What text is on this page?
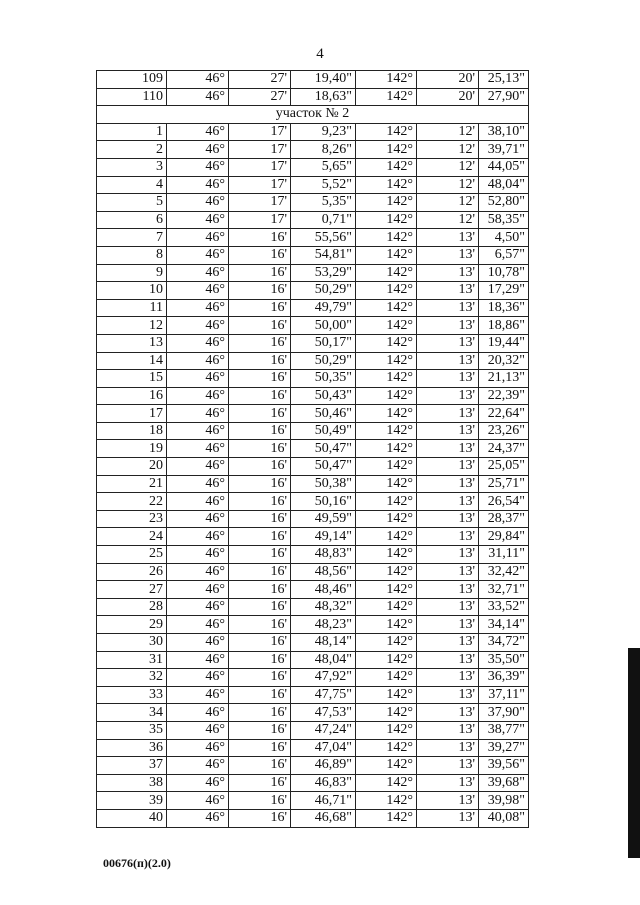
4
109	46°	27'	19,40"	142°	20'	25,13"
110	46°	27'	18,63"	142°	20'	27,90"
участок № 2						
1	46°	17'	9,23"	142°	12'	38,10"
2	46°	17'	8,26"	142°	12'	39,71"
3	46°	17'	5,65"	142°	12'	44,05"
4	46°	17'	5,52"	142°	12'	48,04"
5	46°	17'	5,35"	142°	12'	52,80"
6	46°	17'	0,71"	142°	12'	58,35"
7	46°	16'	55,56"	142°	13'	4,50"
8	46°	16'	54,81"	142°	13'	6,57"
9	46°	16'	53,29"	142°	13'	10,78"
10	46°	16'	50,29"	142°	13'	17,29"
11	46°	16'	49,79"	142°	13'	18,36"
12	46°	16'	50,00"	142°	13'	18,86"
13	46°	16'	50,17"	142°	13'	19,44"
14	46°	16'	50,29"	142°	13'	20,32"
15	46°	16'	50,35"	142°	13'	21,13"
16	46°	16'	50,43"	142°	13'	22,39"
17	46°	16'	50,46"	142°	13'	22,64"
18	46°	16'	50,49"	142°	13'	23,26"
19	46°	16'	50,47"	142°	13'	24,37"
20	46°	16'	50,47"	142°	13'	25,05"
21	46°	16'	50,38"	142°	13'	25,71"
22	46°	16'	50,16"	142°	13'	26,54"
23	46°	16'	49,59"	142°	13'	28,37"
24	46°	16'	49,14"	142°	13'	29,84"
25	46°	16'	48,83"	142°	13'	31,11"
26	46°	16'	48,56"	142°	13'	32,42"
27	46°	16'	48,46"	142°	13'	32,71"
28	46°	16'	48,32"	142°	13'	33,52"
29	46°	16'	48,23"	142°	13'	34,14"
30	46°	16'	48,14"	142°	13'	34,72"
31	46°	16'	48,04"	142°	13'	35,50"
32	46°	16'	47,92"	142°	13'	36,39"
33	46°	16'	47,75"	142°	13'	37,11"
34	46°	16'	47,53"	142°	13'	37,90"
35	46°	16'	47,24"	142°	13'	38,77"
36	46°	16'	47,04"	142°	13'	39,27"
37	46°	16'	46,89"	142°	13'	39,56"
38	46°	16'	46,83"	142°	13'	39,68"
39	46°	16'	46,71"	142°	13'	39,98"
40	46°	16'	46,68"	142°	13'	40,08"
00676(п)(2.0)
